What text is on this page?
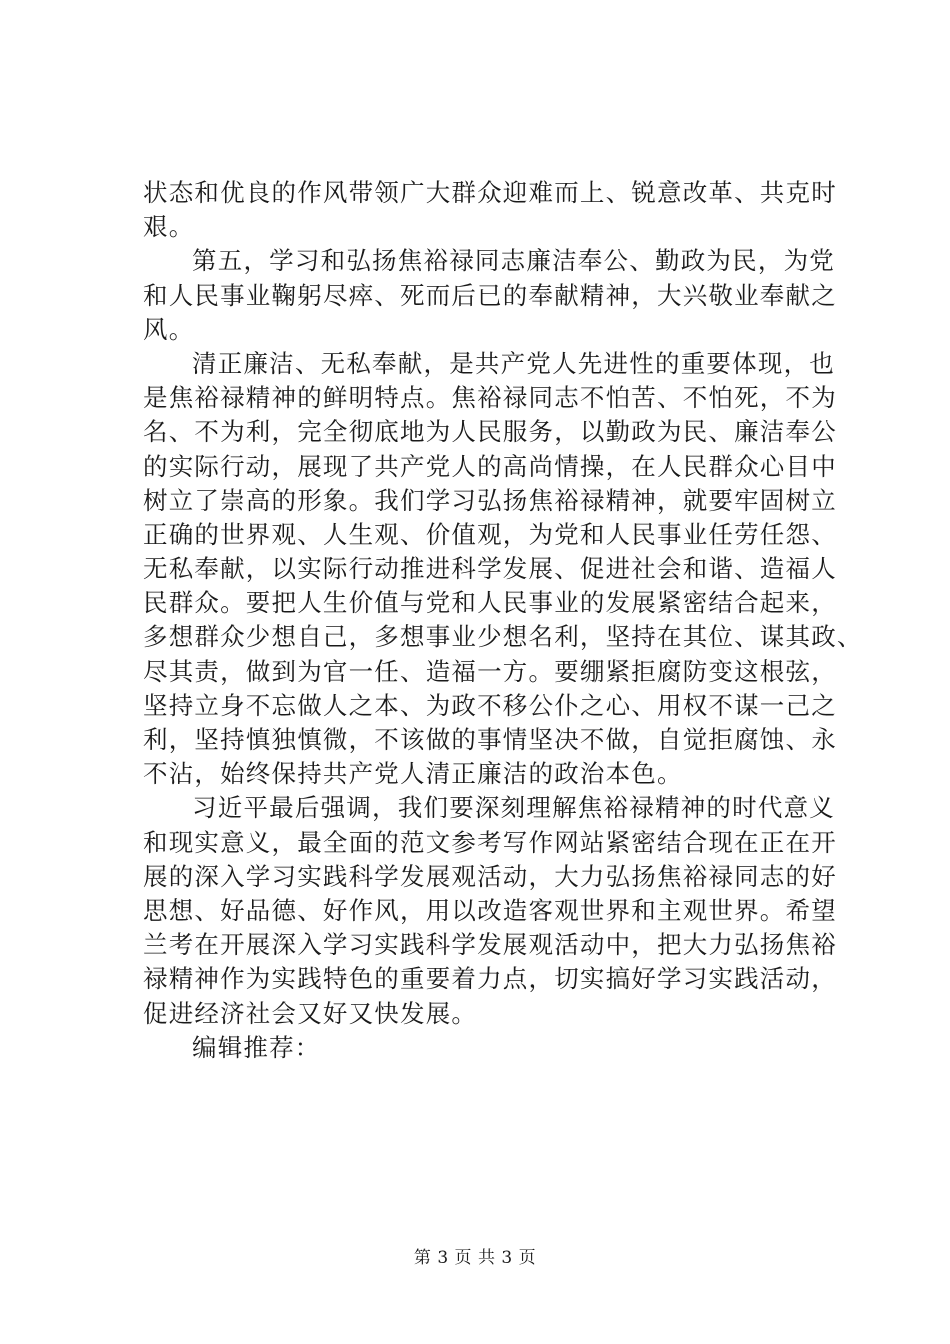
状态和优良的作风带领广大群众迎难而上、锐意改革、共克时
艰。
第五，学习和弘扬焦裕禄同志廉洁奉公、勤政为民，为党
和人民事业鞠躬尽瘁、死而后已的奉献精神，大兴敬业奉献之
风。
清正廉洁、无私奉献，是共产党人先进性的重要体现，也
是焦裕禄精神的鲜明特点。焦裕禄同志不怕苦、不怕死，不为
名、不为利，完全彻底地为人民服务，以勤政为民、廉洁奉公
的实际行动，展现了共产党人的高尚情操，在人民群众心目中
树立了崇高的形象。我们学习弘扬焦裕禄精神，就要牢固树立
正确的世界观、人生观、价值观，为党和人民事业任劳任怨、
无私奉献，以实际行动推进科学发展、促进社会和谐、造福人
民群众。要把人生价值与党和人民事业的发展紧密结合起来，
多想群众少想自己，多想事业少想名利，坚持在其位、谋其政、
尽其责，做到为官一任、造福一方。要绷紧拒腐防变这根弦，
坚持立身不忘做人之本、为政不移公仆之心、用权不谋一己之
利，坚持慎独慎微，不该做的事情坚决不做，自觉拒腐蚀、永
不沾，始终保持共产党人清正廉洁的政治本色。
习近平最后强调，我们要深刻理解焦裕禄精神的时代意义
和现实意义，最全面的范文参考写作网站紧密结合现在正在开
展的深入学习实践科学发展观活动，大力弘扬焦裕禄同志的好
思想、好品德、好作风，用以改造客观世界和主观世界。希望
兰考在开展深入学习实践科学发展观活动中，把大力弘扬焦裕
禄精神作为实践特色的重要着力点，切实搞好学习实践活动，
促进经济社会又好又快发展。
编辑推荐：
第 3 页 共 3 页
